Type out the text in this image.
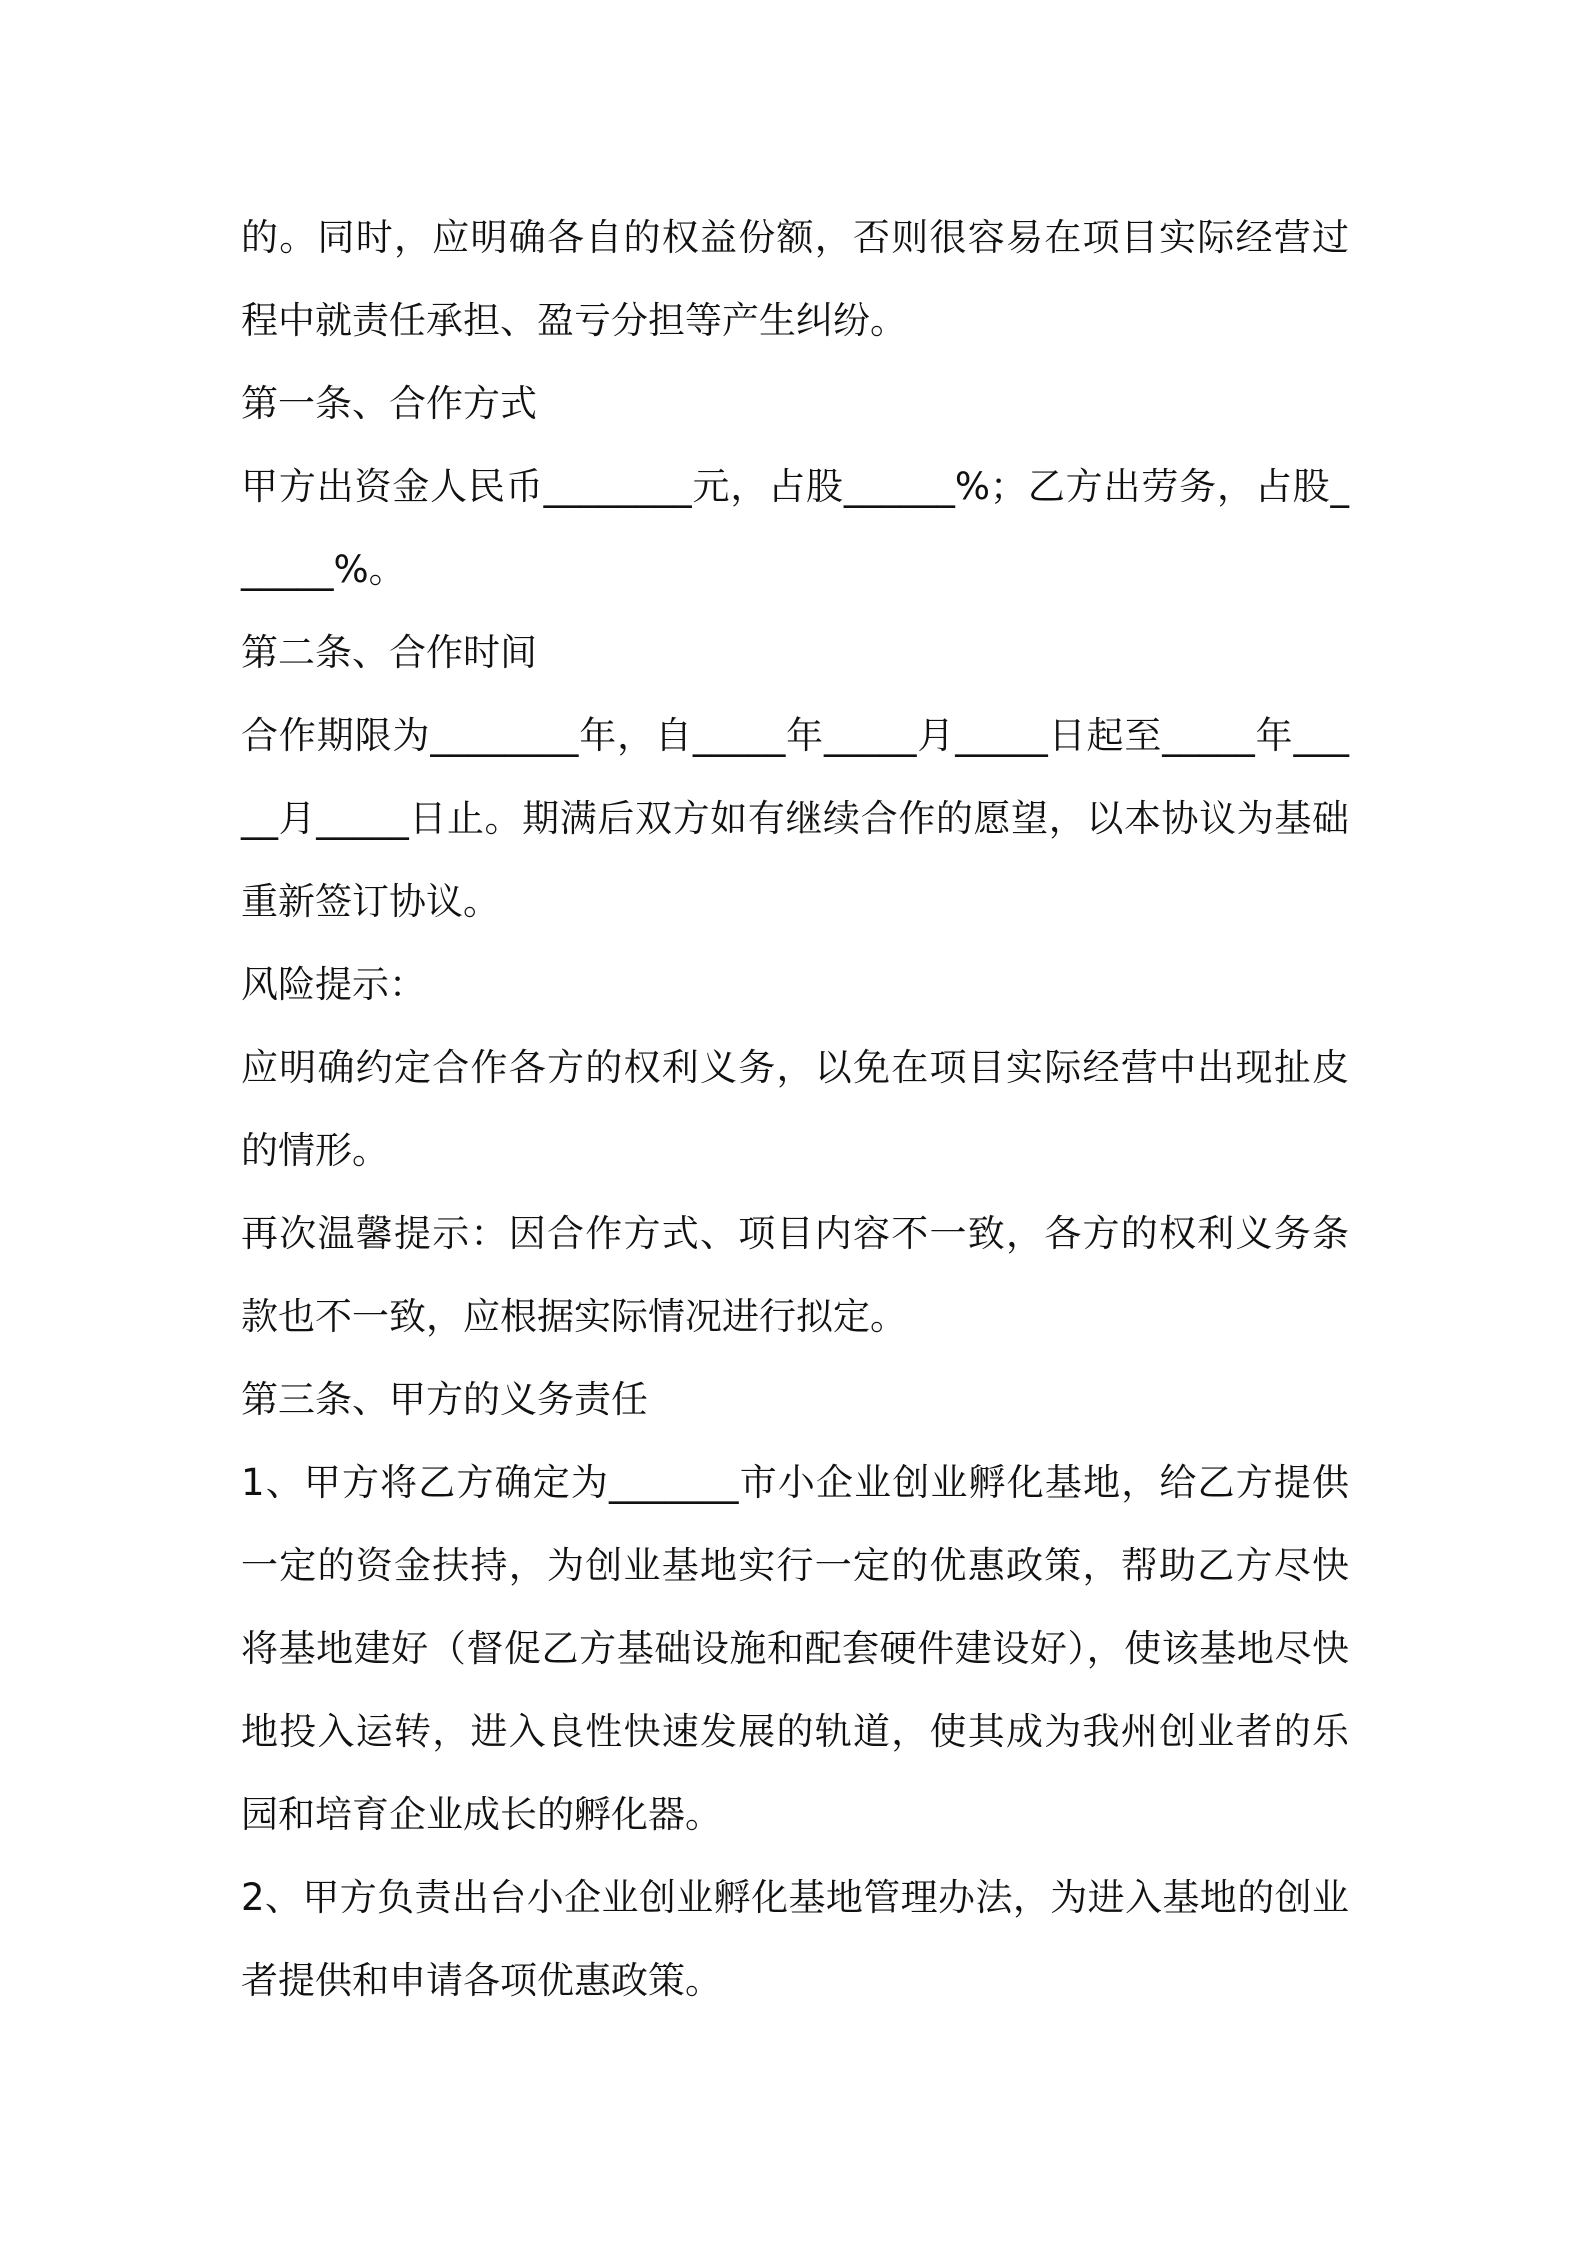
的。同时，应明确各自的权益份额，否则很容易在项目实际经营过程中就责任承担、盈亏分担等产生纠纷。

第一条、合作方式

甲方出资金人民币________元，占股______%；乙方出劳务，占股______%。

第二条、合作时间

合作期限为________年，自_____年_____月_____日起至_____年_____月_____日止。期满后双方如有继续合作的愿望，以本协议为基础重新签订协议。

风险提示：

应明确约定合作各方的权利义务，以免在项目实际经营中出现扯皮的情形。

再次温馨提示：因合作方式、项目内容不一致，各方的权利义务条款也不一致，应根据实际情况进行拟定。

第三条、甲方的义务责任

1、甲方将乙方确定为_______市小企业创业孵化基地，给乙方提供一定的资金扶持，为创业基地实行一定的优惠政策，帮助乙方尽快将基地建好（督促乙方基础设施和配套硬件建设好），使该基地尽快地投入运转，进入良性快速发展的轨道，使其成为我州创业者的乐园和培育企业成长的孵化器。

2、甲方负责出台小企业创业孵化基地管理办法，为进入基地的创业者提供和申请各项优惠政策。
